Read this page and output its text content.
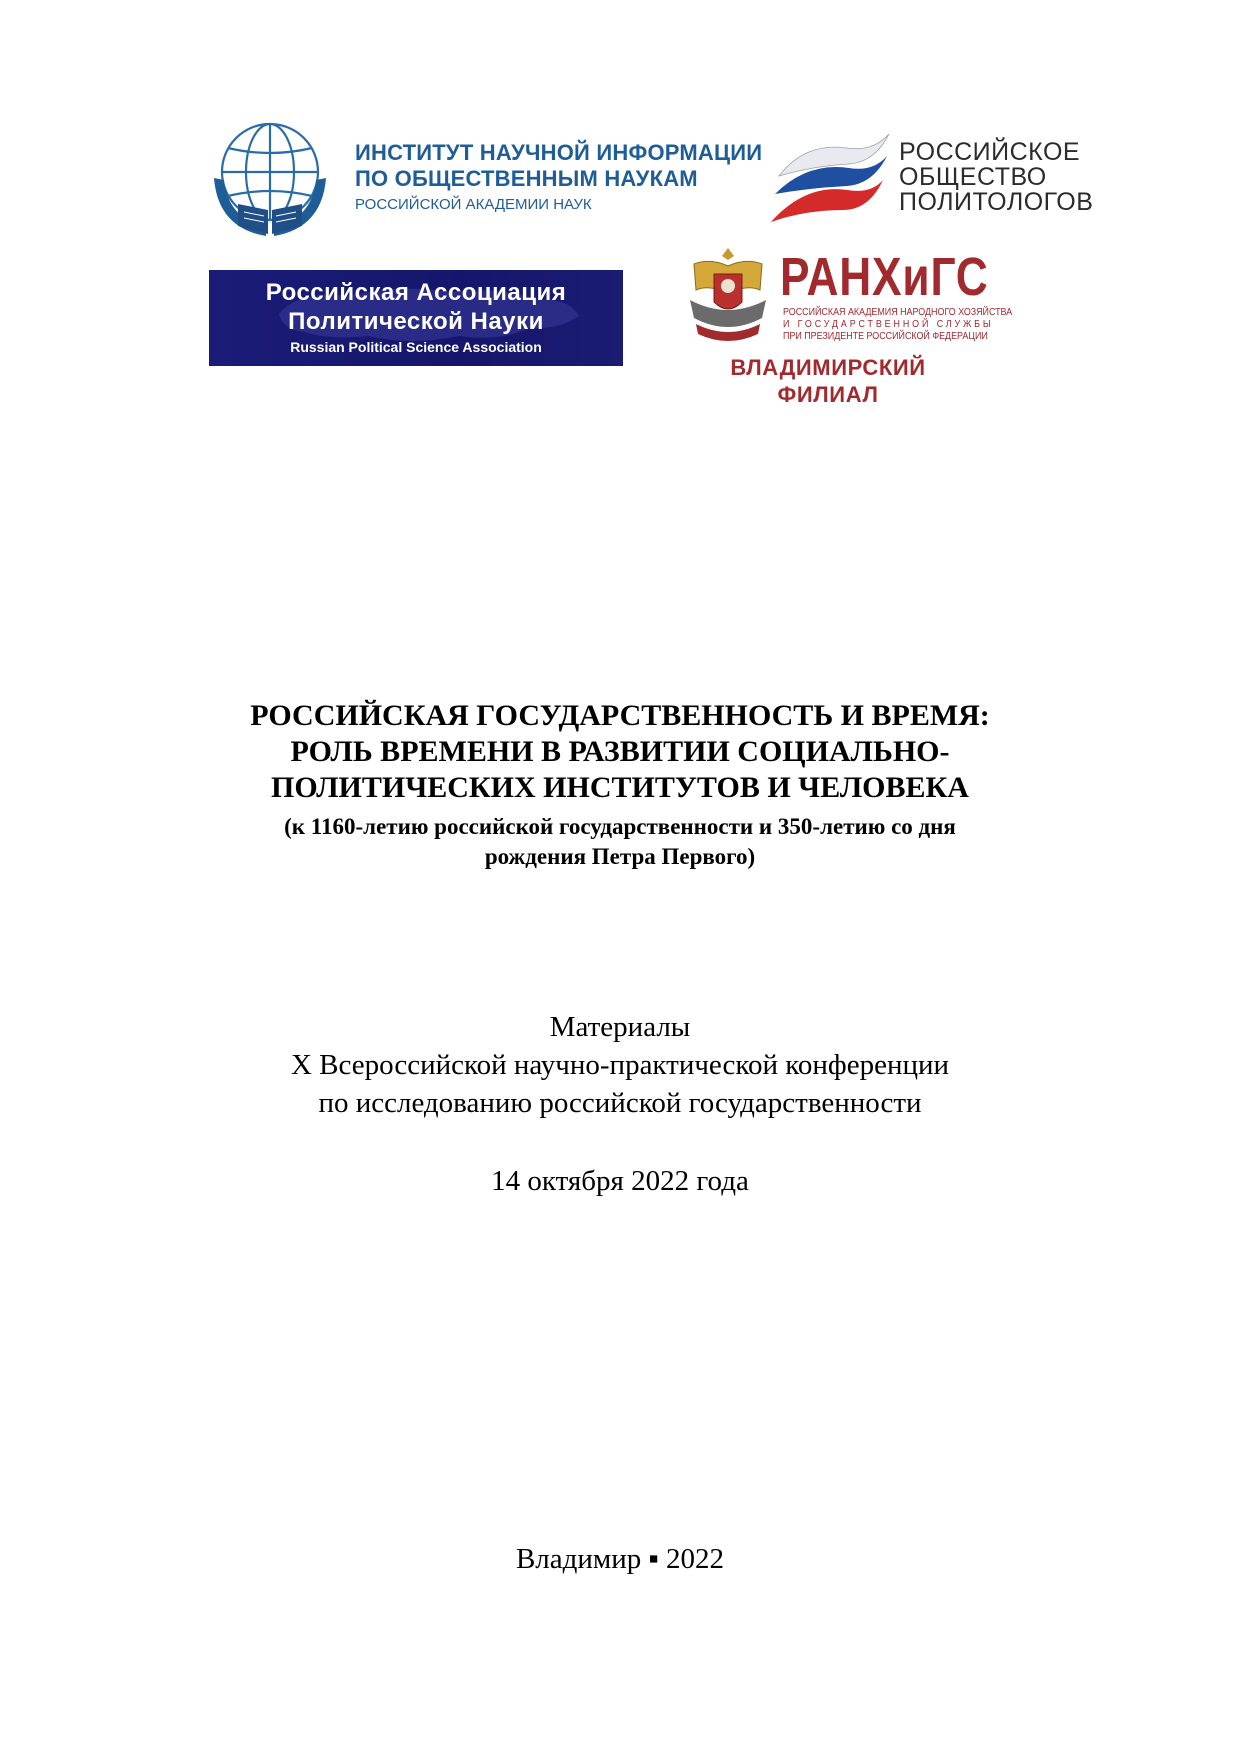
ИНСТИТУТ НАУЧНОЙ ИНФОРМАЦИИ
ПО ОБЩЕСТВЕННЫМ НАУКАМ
РОССИЙСКОЙ АКАДЕМИИ НАУК
РОССИЙСКОЕ
ОБЩЕСТВО
ПОЛИТОЛОГОВ
Российская Ассоциация
Политической Науки
Russian Political Science Association
РАНХиГС
РОССИЙСКАЯ АКАДЕМИЯ НАРОДНОГО ХОЗЯЙСТВА
И ГОСУДАРСТВЕННОЙ СЛУЖБЫ
ПРИ ПРЕЗИДЕНТЕ РОССИЙСКОЙ ФЕДЕРАЦИИ
ВЛАДИМИРСКИЙ
ФИЛИАЛ
РОССИЙСКАЯ ГОСУДАРСТВЕННОСТЬ И ВРЕМЯ:
РОЛЬ ВРЕМЕНИ В РАЗВИТИИ СОЦИАЛЬНО-
ПОЛИТИЧЕСКИХ ИНСТИТУТОВ И ЧЕЛОВЕКА
(к 1160-летию российской государственности и 350-летию со дня
рождения Петра Первого)
Материалы
X Всероссийской научно-практической конференции
по исследованию российской государственности
14 октября 2022 года
Владимир ▪ 2022
